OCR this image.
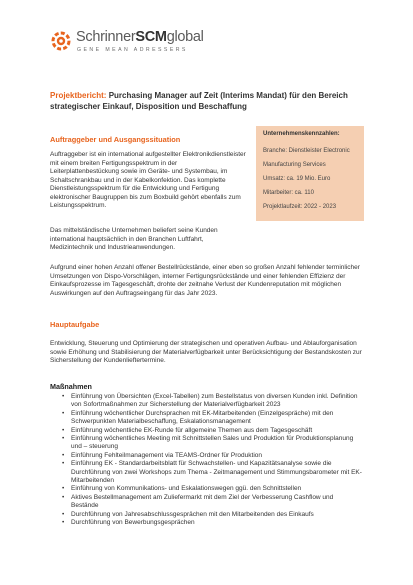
SchrinnerSCMglobal
GENE MEAN ADRESSERS
Projektbericht: Purchasing Manager auf Zeit (Interims Mandat) für den Bereich strategischer Einkauf, Disposition und Beschaffung
Auftraggeber und Ausgangssituation
Auftraggeber ist ein international aufgestellter Elektronikdienstleister mit einem breiten Fertigungsspektrum in der Leiterplattenbestückung sowie im Geräte- und Systembau, im Schaltschrankbau und in der Kabelkonfektion. Das komplette Dienstleistungsspektrum für die Entwicklung und Fertigung elektronischer Baugruppen bis zum Boxbuild gehört ebenfalls zum Leistungsspektrum.
Das mittelständische Unternehmen beliefert seine Kunden international hauptsächlich in den Branchen Luftfahrt, Medizintechnik und Industrieanwendungen.
Aufgrund einer hohen Anzahl offener Bestellrückstände, einer eben so großen Anzahl fehlender terminlicher Umsetzungen von Dispo-Vorschlägen, interner Fertigungsrückstände und einer fehlenden Effizienz der Einkaufsprozesse im Tagesgeschäft, drohte der zeitnahe Verlust der Kundenreputation mit möglichen Auswirkungen auf den Auftragseingang für das Jahr 2023.
Unternehmenskennzahlen:
Branche: Dienstleister Electronic
Manufacturing Services
Umsatz: ca. 19 Mio. Euro
Mitarbeiter: ca. 110
Projektlaufzeit: 2022 - 2023
Hauptaufgabe
Entwicklung, Steuerung und Optimierung der strategischen und operativen Aufbau- und Ablauforganisation sowie Erhöhung und Stabilisierung der Materialverfügbarkeit unter Berücksichtigung der Bestandskosten zur Sicherstellung der Kundenlieftertermine.
Maßnahmen
• Einführung von Übersichten (Excel-Tabellen) zum Bestellstatus von diversen Kunden inkl. Definition von Sofortmaßnahmen zur Sicherstellung der Materialverfügbarkeit 2023
• Einführung wöchentlicher Durchsprachen mit EK-Mitarbeitenden (Einzelgespräche) mit den Schwerpunkten Materialbeschaffung, Eskalationsmanagement
• Einführung wöchentliche EK-Runde für allgemeine Themen aus dem Tagesgeschäft
• Einführung wöchentliches Meeting mit Schnittstellen Sales und Produktion für Produktionsplanung und – steuerung
• Einführung Fehlteilmanagement via TEAMS-Ordner für Produktion
• Einführung EK - Standardarbeitsblatt für Schwachstellen- und Kapazitätsanalyse sowie die Durchführung von zwei Workshops zum Thema - Zeitmanagement und Stimmungsbarometer mit EK-Mitarbeitenden
• Einführung von Kommunikations- und Eskalationswegen ggü. den Schnittstellen
• Aktives Bestellmanagement am Zuliefermarkt mit dem Ziel der Verbesserung Cashflow und Bestände
• Durchführung von Jahresabschlussgesprächen mit den Mitarbeitenden des Einkaufs
• Durchführung von Bewerbungsgesprächen
